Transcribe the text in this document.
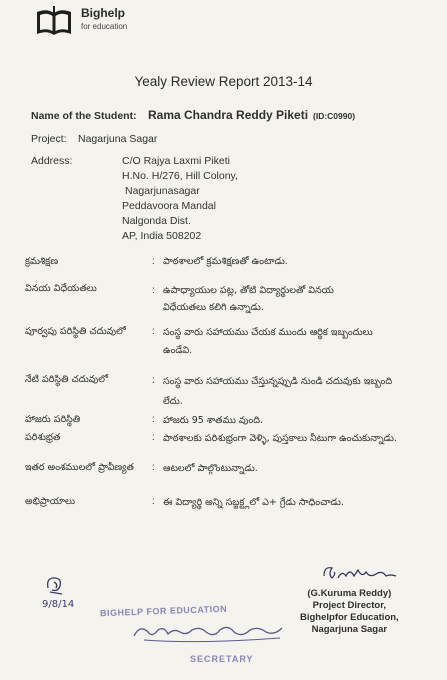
Bighelp
for education
Yealy Review Report 2013-14
Name of the Student: Rama Chandra Reddy Piketi (ID:C0990)
Project: Nagarjuna Sagar
Address:	C/O Rajya Laxmi Piketi
H.No. H/276, Hill Colony,
Nagarjunasagar
Peddavoora Mandal
Nalgonda Dist.
AP, India 508202
క్రమశిక్షణ	: పాఠశాలలో క్రమశిక్షణతో ఉంటాడు.
వినయ విధేయతలు	: ఉపాధ్యాయుల పట్ల, తోటి విద్యార్థులతో వినయ
విధేయతలు కలిగి ఉన్నాడు.
పూర్వపు పరిస్థితి చదువులో	: సంస్థ వారు సహాయము చేయక ముందు ఆర్థిక ఇబ్బందులు
ఉండేవి.
నేటి పరిస్థితి చదువులో	: సంస్థ వారు సహాయము చేస్తున్నప్పుడి నుండి చదువుకు ఇబ్బంది
లేదు.
హాజరు పరిస్థితి	: హాజరు 95 శాతము వుంది.
పరిశుభ్రత	: పాఠశాలకు పరిశుభ్రంగా వెళ్ళి, పుస్తకాలు నీటుగా ఉంచుకున్నాడు.
ఇతర అంశములలో ప్రావీణ్యత : ఆటలలో పాల్గొంటున్నాడు.
అభిప్రాయాలు	: ఈ విద్యార్థి అన్ని సబ్జక్ట్లలో ఎ+ గ్రేడు సాధించాడు.
9/8/14
(G.Kuruma Reddy)
Project Director,
Bighelpfor Education,
Nagarjuna Sagar
BIGHELP FOR EDUCATION
SECRETARY
